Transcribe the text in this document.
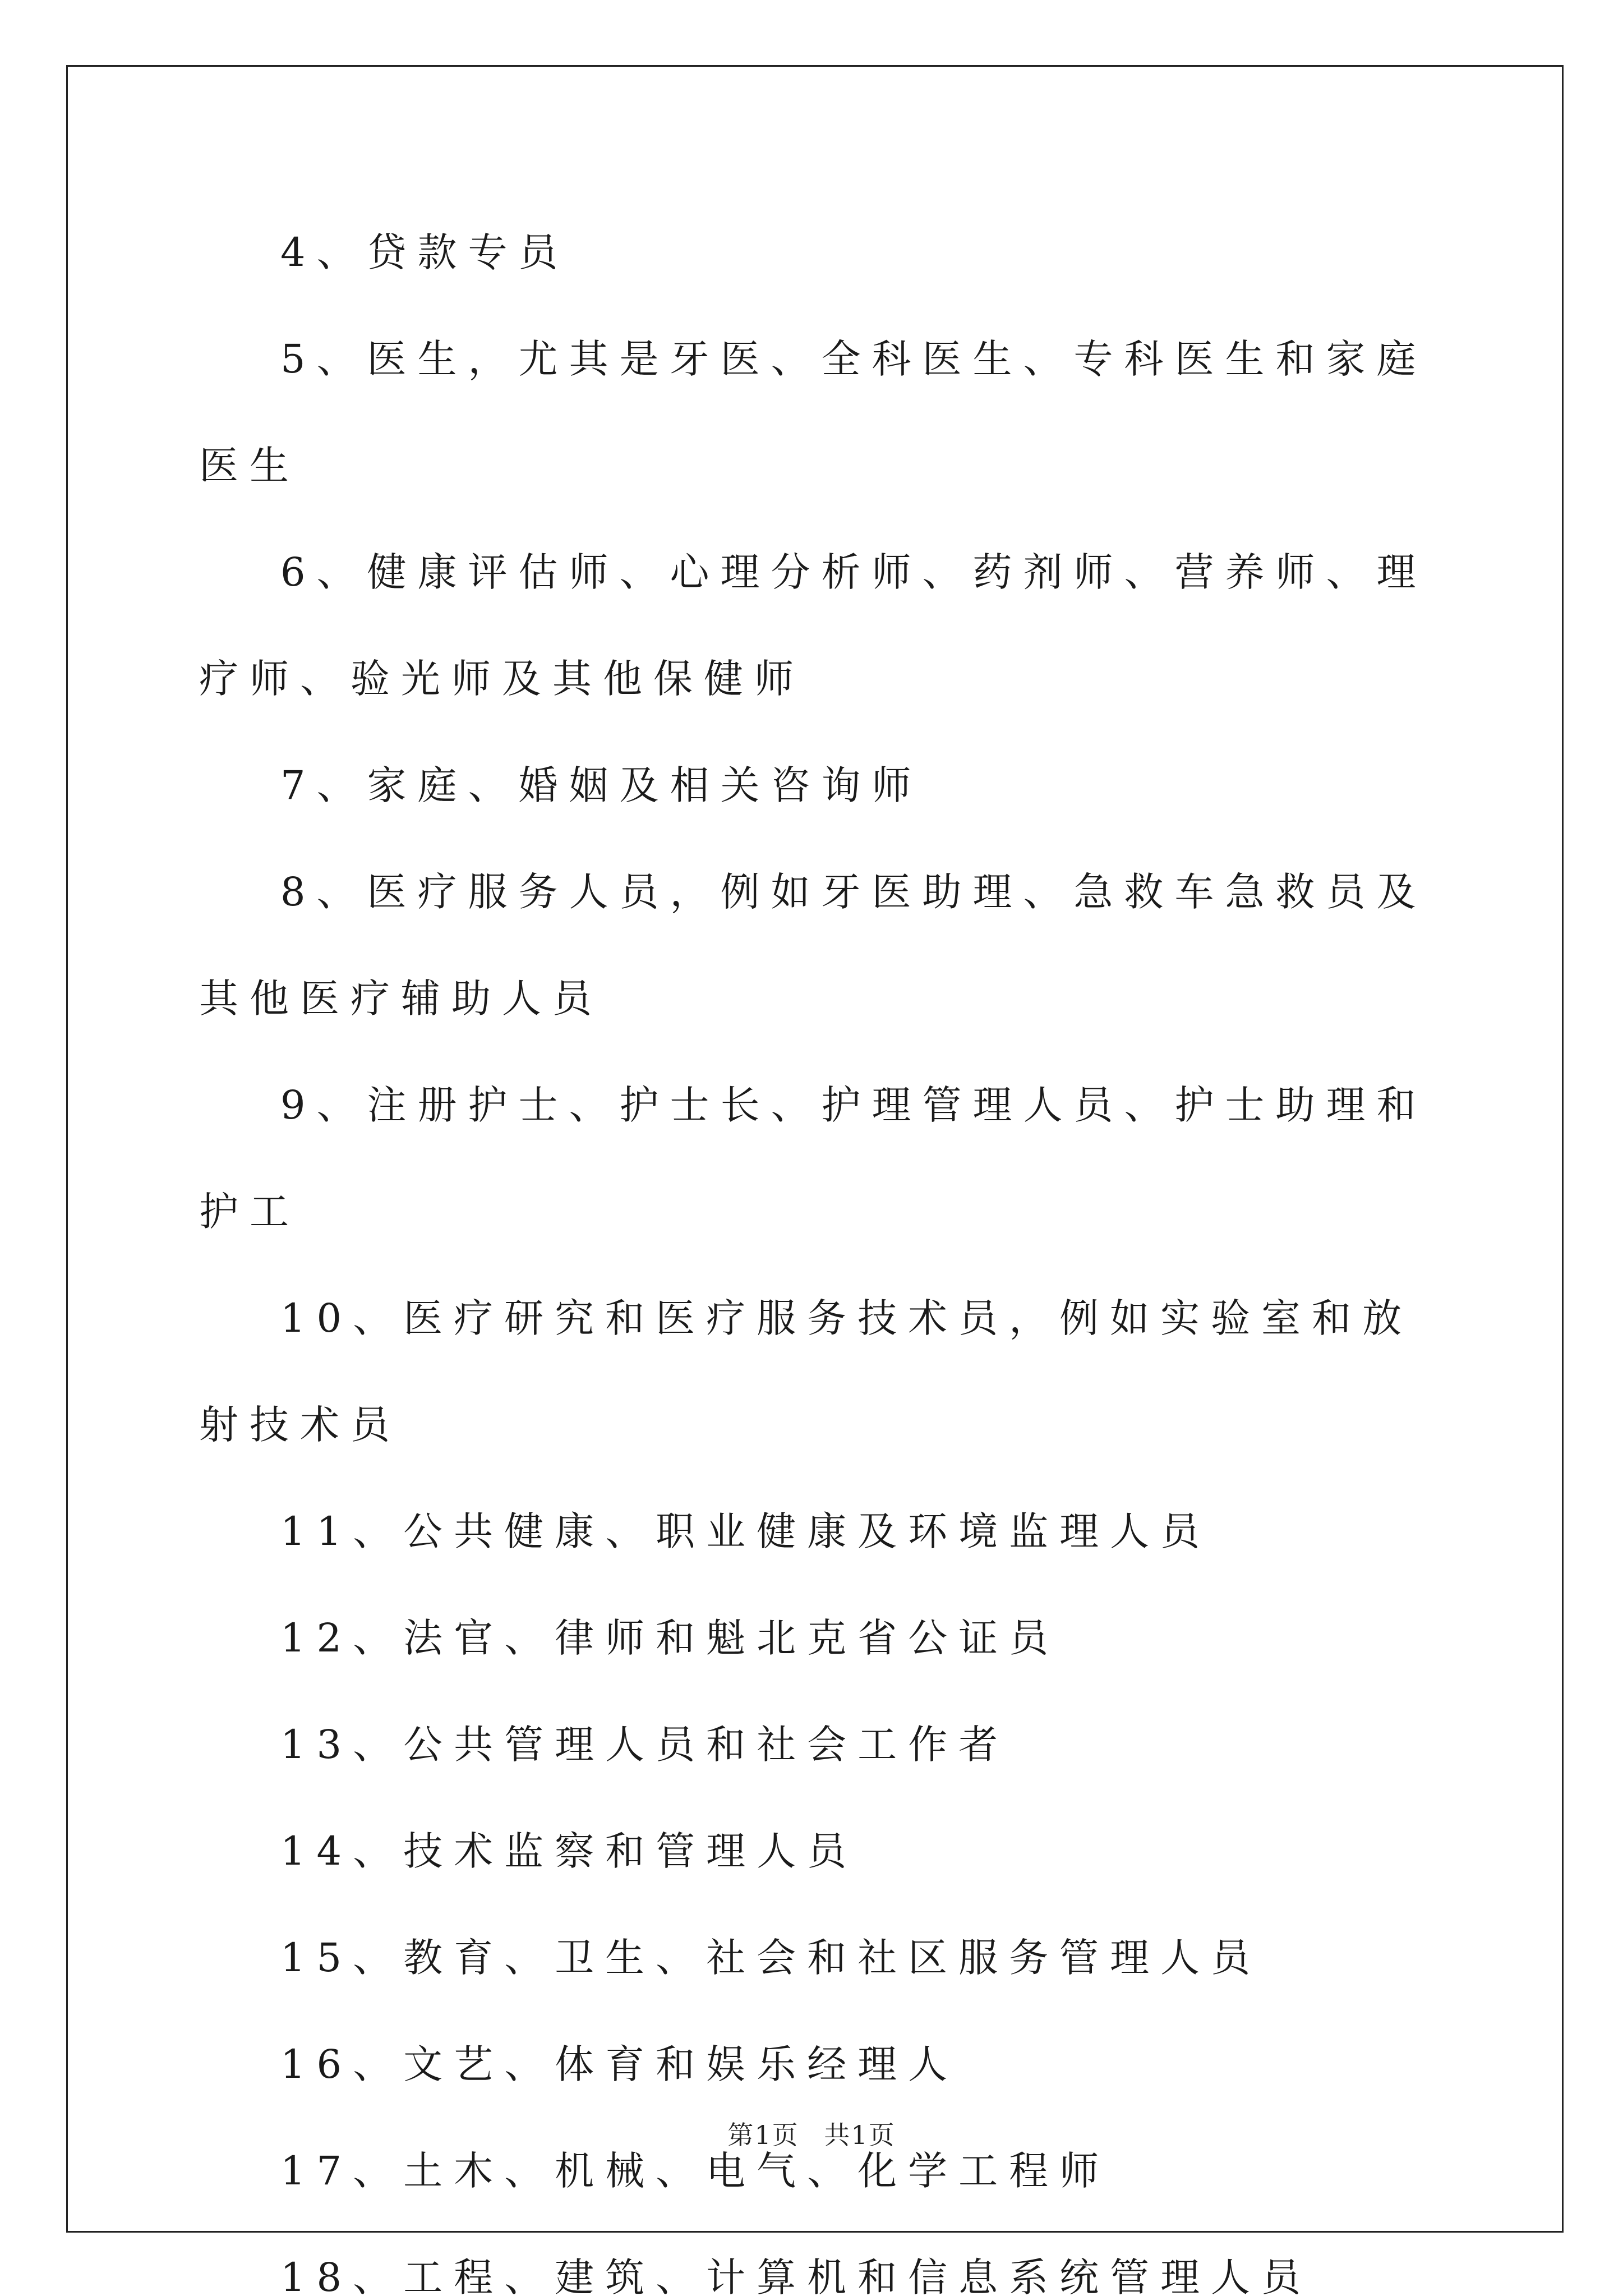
4、贷款专员

5、医生，尤其是牙医、全科医生、专科医生和家庭医生

6、健康评估师、心理分析师、药剂师、营养师、理疗师、验光师及其他保健师

7、家庭、婚姻及相关咨询师

8、医疗服务人员，例如牙医助理、急救车急救员及其他医疗辅助人员

9、注册护士、护士长、护理管理人员、护士助理和护工

10、医疗研究和医疗服务技术员，例如实验室和放射技术员

11、公共健康、职业健康及环境监理人员

12、法官、律师和魁北克省公证员

13、公共管理人员和社会工作者

14、技术监察和管理人员

15、教育、卫生、社会和社区服务管理人员

16、文艺、体育和娱乐经理人

17、土木、机械、电气、化学工程师

18、工程、建筑、计算机和信息系统管理人员

第1页 共1页
